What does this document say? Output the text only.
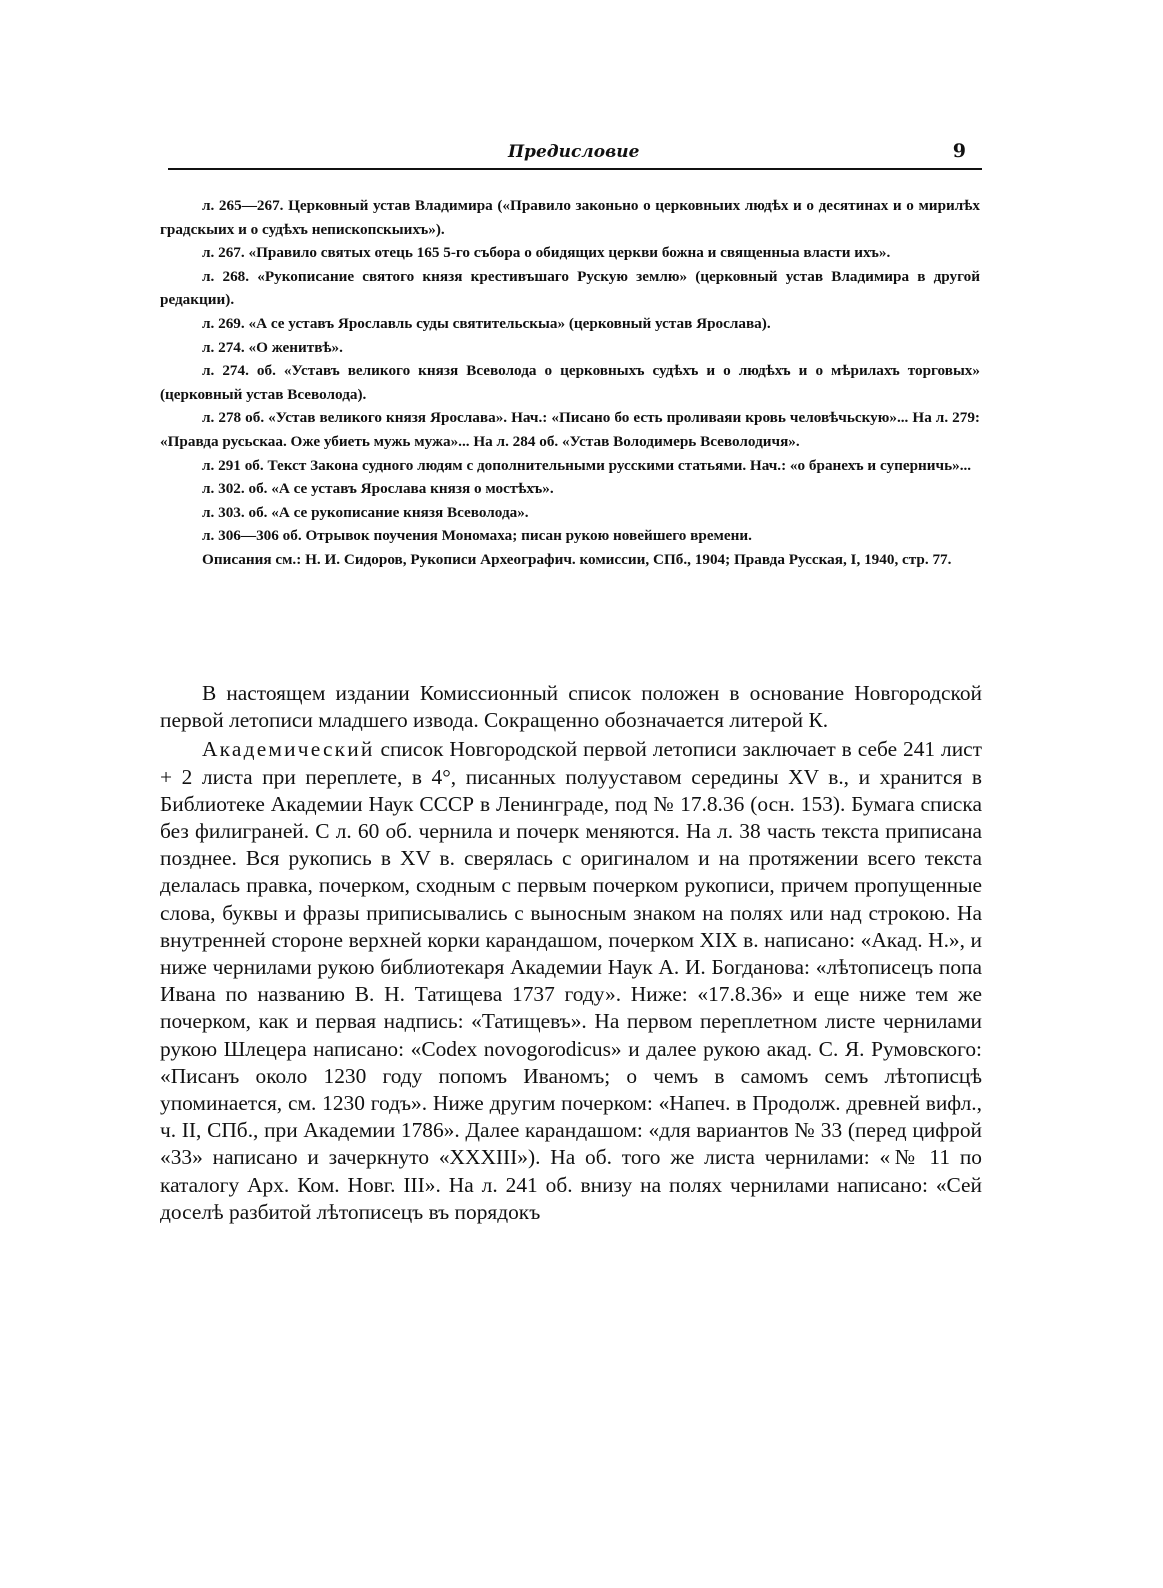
Предисловие	9

л. 265—267. Церковный устав Владимира («Правило законьно о церковныих людѣх и о десятинах и о мирилѣх градскыих и о судѣхъ непископскыихъ»).

л. 267. «Правило святых отець 165 5-го събора о обидящих церкви божна и священныа власти ихъ».

л. 268. «Рукописание святого князя крестивъшаго Рускую землю» (церковный устав Владимира в другой редакции).

л. 269. «А се уставъ Ярославль суды святительскыа» (церковный устав Ярослава).

л. 274. «О женитвѣ».

л. 274. об. «Уставъ великого князя Всеволода о церковныхъ судѣхъ и о людѣхъ и о мѣрилахъ торговых» (церковный устав Всеволода).

л. 278 об. «Устав великого князя Ярослава». Нач.: «Писано бо есть проливаяи кровь человѣчьскую»... На л. 279: «Правда русьскаа. Оже убиеть мужь мужа»... На л. 284 об. «Устав Володимерь Всеволодичя».

л. 291 об. Текст Закона судного людям с дополнительными русскими статьями. Нач.: «о бранехъ и суперничь»...

л. 302. об. «А се уставъ Ярослава князя о мостѣхъ».

л. 303. об. «А се рукописание князя Всеволода».

л. 306—306 об. Отрывок поучения Мономаха; писан рукою новейшего времени.

Описания см.: Н. И. Сидоров, Рукописи Археографич. комиссии, СПб., 1904; Правда Русская, I, 1940, стр. 77.

В настоящем издании Комиссионный список положен в основание Новгородской первой летописи младшего извода. Сокращенно обозначается литерой К.

Академический список Новгородской первой летописи заключает в себе 241 лист + 2 листа при переплете, в 4°, писанных полууставом середины XV в., и хранится в Библиотеке Академии Наук СССР в Ленинграде, под № 17.8.36 (осн. 153). Бумага списка без филиграней. С л. 60 об. чернила и почерк меняются. На л. 38 часть текста приписана позднее. Вся рукопись в XV в. сверялась с оригиналом и на протяжении всего текста делалась правка, почерком, сходным с первым почерком рукописи, причем пропущенные слова, буквы и фразы приписывались с выносным знаком на полях или над строкою. На внутренней стороне верхней корки карандашом, почерком XIX в. написано: «Акад. Н.», и ниже чернилами рукою библиотекаря Академии Наук А. И. Богданова: «лѣтописецъ попа Ивана по названию В. Н. Татищева 1737 году». Ниже: «17.8.36» и еще ниже тем же почерком, как и первая надпись: «Татищевъ». На первом переплетном листе чернилами рукою Шлецера написано: «Codex novogorodicus» и далее рукою акад. С. Я. Румовского: «Писанъ около 1230 году попомъ Иваномъ; о чемъ в самомъ семъ лѣтописцѣ упоминается, см. 1230 годъ». Ниже другим почерком: «Напеч. в Продолж. древней вифл., ч. II, СПб., при Академии 1786». Далее карандашом: «для вариантов № 33 (перед цифрой «33» написано и зачеркнуто «XXXIII»). На об. того же листа чернилами: «№ 11 по каталогу Арх. Ком. Новг. III». На л. 241 об. внизу на полях чернилами написано: «Сей доселѣ разбитой лѣтописецъ въ порядокъ
